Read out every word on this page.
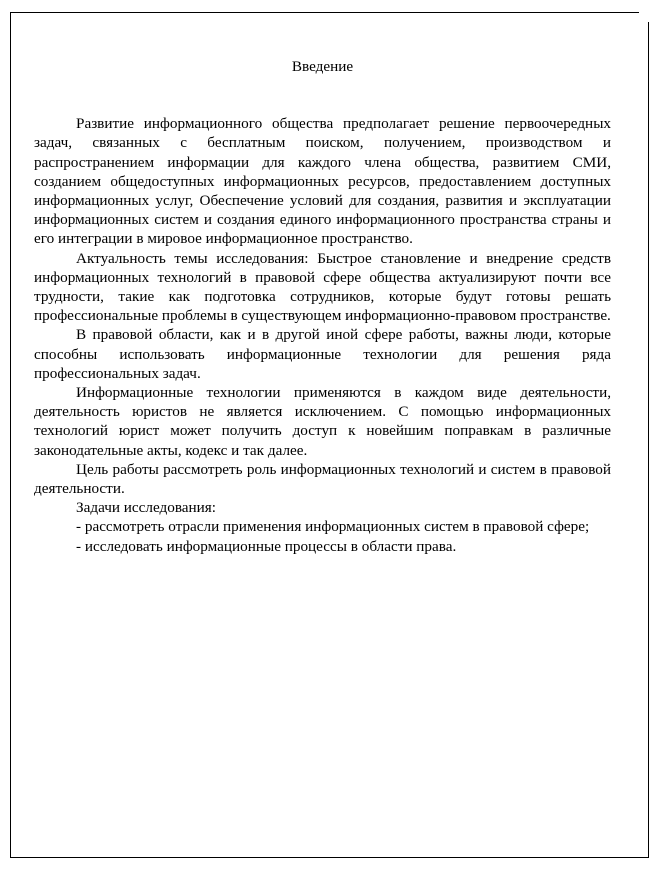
Введение

Развитие информационного общества предполагает решение первоочередных задач, связанных с бесплатным поиском, получением, производством и распространением информации для каждого члена общества, развитием СМИ, созданием общедоступных информационных ресурсов, предоставлением доступных информационных услуг, Обеспечение условий для создания, развития и эксплуатации информационных систем и создания единого информационного пространства страны и его интеграции в мировое информационное пространство.

Актуальность темы исследования: Быстрое становление и внедрение средств информационных технологий в правовой сфере общества актуализируют почти все трудности, такие как подготовка сотрудников, которые будут готовы решать профессиональные проблемы в существующем информационно-правовом пространстве.

В правовой области, как и в другой иной сфере работы, важны люди, которые способны использовать информационные технологии для решения ряда профессиональных задач.

Информационные технологии применяются в каждом виде деятельности, деятельность юристов не является исключением. С помощью информационных технологий юрист может получить доступ к новейшим поправкам в различные законодательные акты, кодекс и так далее.

Цель работы рассмотреть роль информационных технологий и систем в правовой деятельности.

Задачи исследования:

- рассмотреть отрасли применения информационных систем в правовой сфере;

- исследовать информационные процессы в области права.
